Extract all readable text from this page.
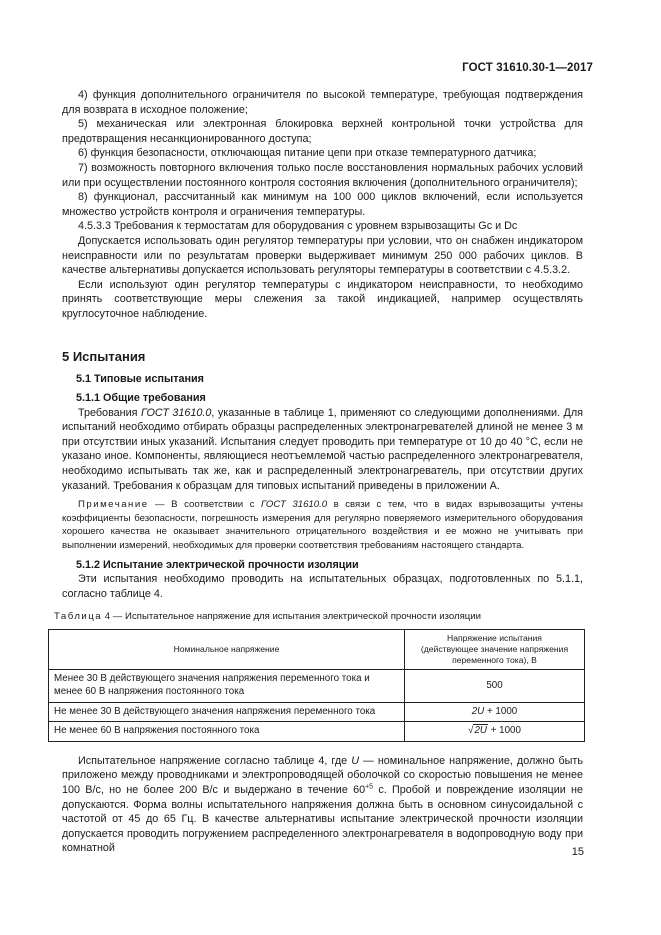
ГОСТ 31610.30-1—2017

4) функция дополнительного ограничителя по высокой температуре, требующая подтверждения для возврата в исходное положение;

5) механическая или электронная блокировка верхней контрольной точки устройства для предотвращения несанкционированного доступа;

6) функция безопасности, отключающая питание цепи при отказе температурного датчика;

7) возможность повторного включения только после восстановления нормальных рабочих условий или при осуществлении постоянного контроля состояния включения (дополнительного ограничителя);

8) функционал, рассчитанный как минимум на 100 000 циклов включений, если используется множество устройств контроля и ограничения температуры.

4.5.3.3 Требования к термостатам для оборудования с уровнем взрывозащиты Gc и Dc

Допускается использовать один регулятор температуры при условии, что он снабжен индикатором неисправности или по результатам проверки выдерживает минимум 250 000 рабочих циклов. В качестве альтернативы допускается использовать регуляторы температуры в соответствии с 4.5.3.2.

Если используют один регулятор температуры с индикатором неисправности, то необходимо принять соответствующие меры слежения за такой индикацией, например осуществлять круглосуточное наблюдение.

5 Испытания
5.1 Типовые испытания
5.1.1 Общие требования

Требования ГОСТ 31610.0, указанные в таблице 1, применяют со следующими дополнениями. Для испытаний необходимо отбирать образцы распределенных электронагревателей длиной не менее 3 м при отсутствии иных указаний. Испытания следует проводить при температуре от 10 до 40 °С, если не указано иное. Компоненты, являющиеся неотъемлемой частью распределенного электронагревателя, необходимо испытывать так же, как и распределенный электронагреватель, при отсутствии других указаний. Требования к образцам для типовых испытаний приведены в приложении А.

Примечание — В соответствии с ГОСТ 31610.0 в связи с тем, что в видах взрывозащиты учтены коэффициенты безопасности, погрешность измерения для регулярно поверяемого измерительного оборудования хорошего качества не оказывает значительного отрицательного воздействия и ее можно не учитывать при выполнении измерений, необходимых для проверки соответствия требованиям настоящего стандарта.

5.1.2 Испытание электрической прочности изоляции

Эти испытания необходимо проводить на испытательных образцах, подготовленных по 5.1.1, согласно таблице 4.

Таблица 4 — Испытательное напряжение для испытания электрической прочности изоляции
Номинальное напряжение	Напряжение испытания
(действующее значение напряжения переменного тока), В
Менее 30 В действующего значения напряжения переменного тока и менее 60 В напряжения постоянного тока	500
Не менее 30 В действующего значения напряжения переменного тока	2U + 1000
Не менее 60 В напряжения постоянного тока	√2U + 1000

Испытательное напряжение согласно таблице 4, где U — номинальное напряжение, должно быть приложено между проводниками и электропроводящей оболочкой со скоростью повышения не менее 100 В/с, но не более 200 В/с и выдержано в течение $60^{+5}$ с. Пробой и повреждение изоляции не допускаются. Форма волны испытательного напряжения должна быть в основном синусоидальной с частотой от 45 до 65 Гц. В качестве альтернативы испытание электрической прочности изоляции допускается проводить погружением распределенного электронагревателя в водопроводную воду при комнатной	15
